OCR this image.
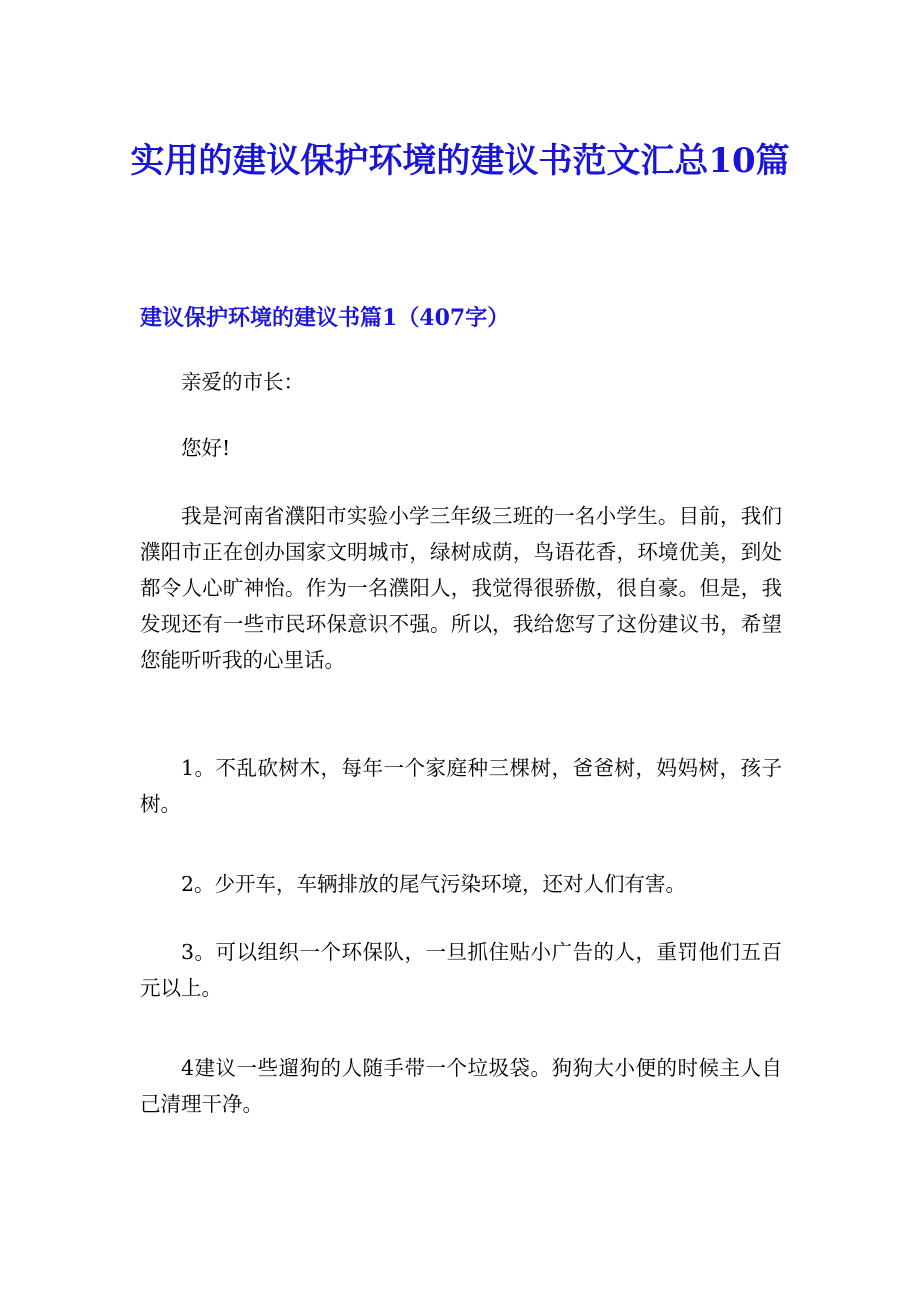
实用的建议保护环境的建议书范文汇总10篇
建议保护环境的建议书篇1（407字）

亲爱的市长：

您好!

我是河南省濮阳市实验小学三年级三班的一名小学生。目前，我们濮阳市正在创办国家文明城市，绿树成荫，鸟语花香，环境优美，到处都令人心旷神怡。作为一名濮阳人，我觉得很骄傲，很自豪。但是，我发现还有一些市民环保意识不强。所以，我给您写了这份建议书，希望您能听听我的心里话。

1。不乱砍树木，每年一个家庭种三棵树，爸爸树，妈妈树，孩子树。

2。少开车，车辆排放的尾气污染环境，还对人们有害。

3。可以组织一个环保队，一旦抓住贴小广告的人，重罚他们五百元以上。

4建议一些遛狗的人随手带一个垃圾袋。狗狗大小便的时候主人自己清理干净。
